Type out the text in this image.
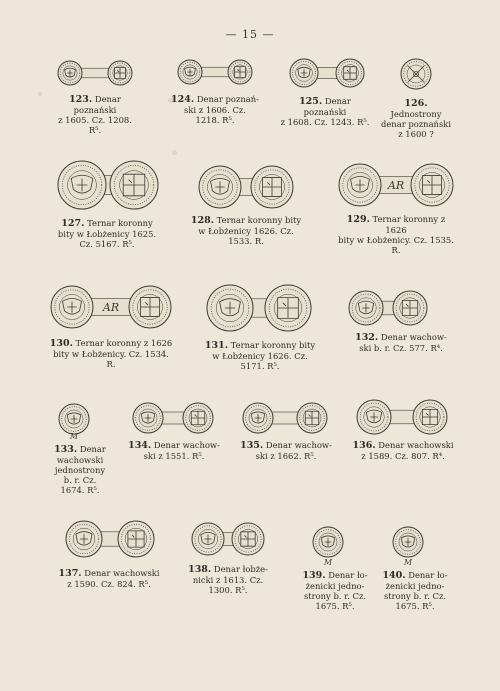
— 15 —
123. Denar poznański
z 1605. Cz. 1208. R⁵.
124. Denar poznań-
ski z 1606. Cz.
1218. R⁵.
125. Denar poznański
z 1608. Cz. 1243. R⁵.
126. Jednostrony
denar poznański
z 1600 ?
127. Ternar koronny
bity w Łobżenicy 1625.
Cz. 5167. R⁵.
128. Ternar koronny bity
w Łobżenicy 1626. Cz.
1533. R.
AR
129. Ternar koronny z 1626
bity w Łobżenicy. Cz. 1535. R.
AR
130. Ternar koronny z 1626
bity w Łobżenicy. Cz. 1534. R.
131. Ternar koronny bity
w Łobżenicy 1626. Cz.
5171. R⁵.
132. Denar wachow-
ski b. r. Cz. 577. R⁴.
M
133. Denar
wachowski
jednostrony
b. r. Cz.
1674. R⁵.
134. Denar wachow-
ski z 1551. R⁵.
135. Denar wachow-
ski z 1662. R⁵.
136. Denar wachowski
z 1589. Cz. 807. R⁴.
137. Denar wachowski
z 1590. Cz. 824. R⁵.
138. Denar łobże-
nicki z 1613. Cz.
1300. R⁵.
M
139. Denar ło-
żenicki jedno-
strony b. r. Cz.
1675. R⁵.
M
140. Denar ło-
żenicki jedno-
strony b. r. Cz.
1675. R⁵.
